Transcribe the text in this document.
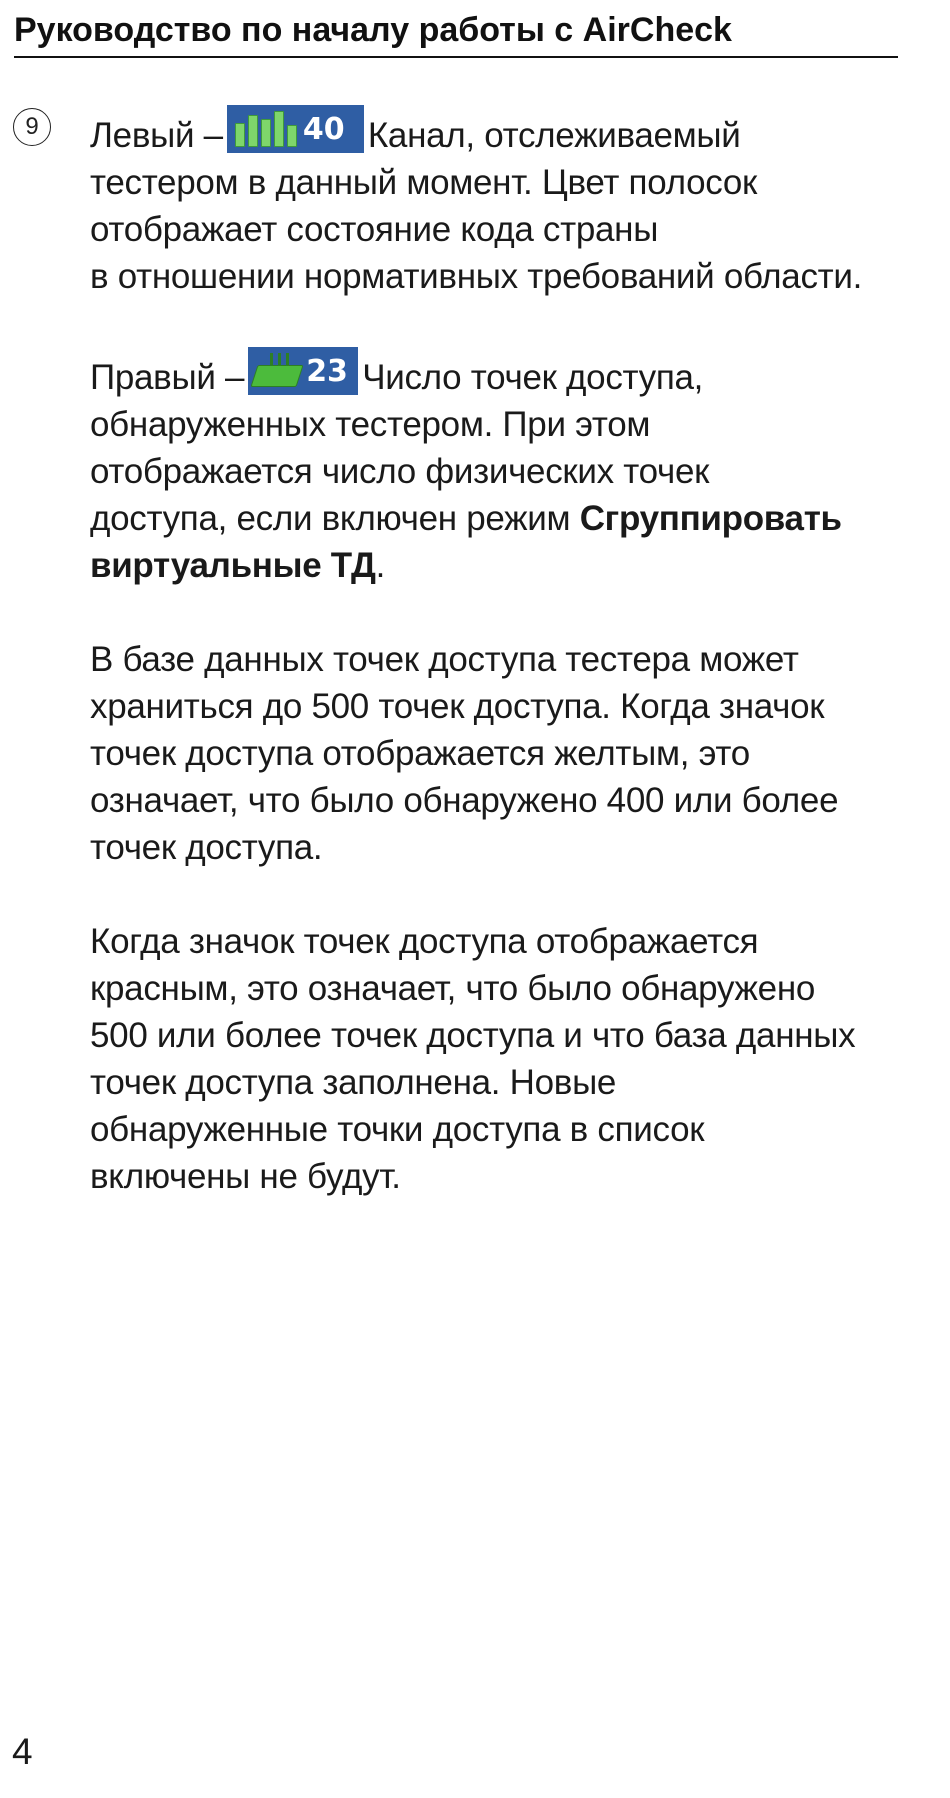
Руководство по началу работы с AirCheck
9	Левый –	40 Канал, отслеживаемый
тестером в данный момент. Цвет полосок
отображает состояние кода страны
в отношении нормативных требований области.

Правый – 23 Число точек доступа,
обнаруженных тестером. При этом
отображается число физических точек
доступа, если включен режим Сгруппировать
виртуальные ТД.

В базе данных точек доступа тестера может
храниться до 500 точек доступа. Когда значок
точек доступа отображается желтым, это
означает, что было обнаружено 400 или более
точек доступа.

Когда значок точек доступа отображается
красным, это означает, что было обнаружено
500 или более точек доступа и что база данных
точек доступа заполнена. Новые
обнаруженные точки доступа в список
включены не будут.

4
